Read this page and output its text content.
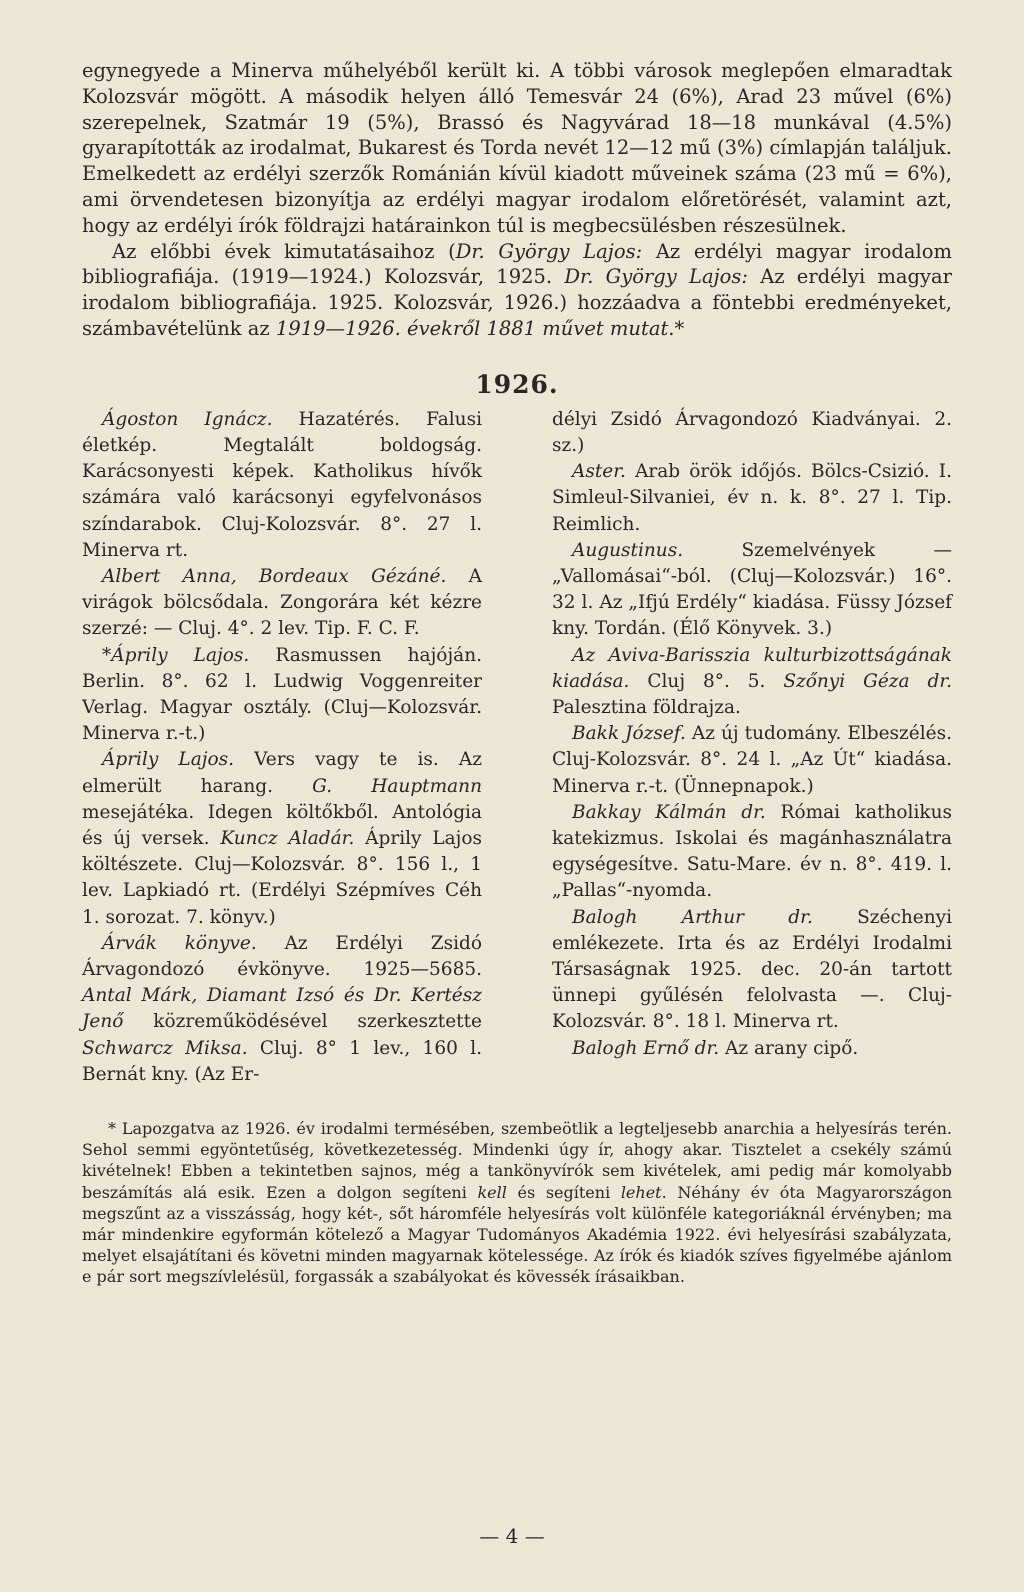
egynegyede a Minerva műhelyéből került ki. A többi városok meglepően elmaradtak Kolozsvár mögött. A második helyen álló Temesvár 24 (6%), Arad 23 művel (6%) szerepelnek, Szatmár 19 (5%), Brassó és Nagyvárad 18—18 munkával (4.5%) gyarapították az irodalmat, Bukarest és Torda nevét 12—12 mű (3%) címlapján találjuk. Emelkedett az erdélyi szerzők Románián kívül kiadott műveinek száma (23 mű = 6%), ami örvendetesen bizonyítja az erdélyi magyar irodalom előretörését, valamint azt, hogy az erdélyi írók földrajzi határainkon túl is megbecsülésben részesülnek.

Az előbbi évek kimutatásaihoz (Dr. György Lajos: Az erdélyi magyar irodalom bibliografiája. (1919—1924.) Kolozsvár, 1925. Dr. György Lajos: Az erdélyi magyar irodalom bibliografiája. 1925. Kolozsvár, 1926.) hozzáadva a föntebbi eredményeket, számbavételünk az 1919—1926. évekről 1881 művet mutat.*

1926.

Ágoston Ignácz. Hazatérés. Falusi életkép. Megtalált boldogság. Karácsonyesti képek. Katholikus hívők számára való karácsonyi egyfelvonásos színdarabok. Cluj-Kolozsvár. 8°. 27 l. Minerva rt.

Albert Anna, Bordeaux Gézáné. A virágok bölcsődala. Zongorára két kézre szerzé: — Cluj. 4°. 2 lev. Tip. F. C. F.

*Áprily Lajos. Rasmussen hajóján. Berlin. 8°. 62 l. Ludwig Voggenreiter Verlag. Magyar osztály. (Cluj—Kolozsvár. Minerva r.-t.)

Áprily Lajos. Vers vagy te is. Az elmerült harang. G. Hauptmann mesejátéka. Idegen költőkből. Antológia és új versek. Kuncz Aladár. Áprily Lajos költészete. Cluj—Kolozsvár. 8°. 156 l., 1 lev. Lapkiadó rt. (Erdélyi Szépmíves Céh 1. sorozat. 7. könyv.)

Árvák könyve. Az Erdélyi Zsidó Árvagondozó évkönyve. 1925—5685. Antal Márk, Diamant Izsó és Dr. Kertész Jenő közreműködésével szerkesztette Schwarcz Miksa. Cluj. 8° 1 lev., 160 l. Bernát kny. (Az Er-

délyi Zsidó Árvagondozó Kiadványai. 2. sz.)

Aster. Arab örök időjós. Bölcs-Csizió. I. Simleul-Silvaniei, év n. k. 8°. 27 l. Tip. Reimlich.

Augustinus. Szemelvények — „Vallomásai“-ból. (Cluj—Kolozsvár.) 16°. 32 l. Az „Ifjú Erdély“ kiadása. Füssy József kny. Tordán. (Élő Könyvek. 3.)

Az Aviva-Barisszia kulturbizottságának kiadása. Cluj 8°. 5. Szőnyi Géza dr. Palesztina földrajza.

Bakk József. Az új tudomány. Elbeszélés. Cluj-Kolozsvár. 8°. 24 l. „Az Út“ kiadása. Minerva r.-t. (Ünnepnapok.)

Bakkay Kálmán dr. Római katholikus katekizmus. Iskolai és magánhasználatra egységesítve. Satu-Mare. év n. 8°. 419. l. „Pallas“-nyomda.

Balogh Arthur dr. Széchenyi emlékezete. Irta és az Erdélyi Irodalmi Társaságnak 1925. dec. 20-án tartott ünnepi gyűlésén felolvasta —. Cluj-Kolozsvár. 8°. 18 l. Minerva rt.

Balogh Ernő dr. Az arany cipő.

* Lapozgatva az 1926. év irodalmi termésében, szembeötlik a legteljesebb anarchia a helyesírás terén. Sehol semmi egyöntetűség, következetesség. Mindenki úgy ír, ahogy akar. Tisztelet a csekély számú kivételnek! Ebben a tekintetben sajnos, még a tankönyvírók sem kivételek, ami pedig már komolyabb beszámítás alá esik. Ezen a dolgon segíteni kell és segíteni lehet. Néhány év óta Magyarországon megszűnt az a visszásság, hogy két-, sőt háromféle helyesírás volt különféle kategoriáknál érvényben; ma már mindenkire egyformán kötelező a Magyar Tudományos Akadémia 1922. évi helyesírási szabályzata, melyet elsajátítani és követni minden magyarnak kötelessége. Az írók és kiadók szíves figyelmébe ajánlom e pár sort megszívlelésül, forgassák a szabályokat és kövessék írásaikban.

— 4 —
